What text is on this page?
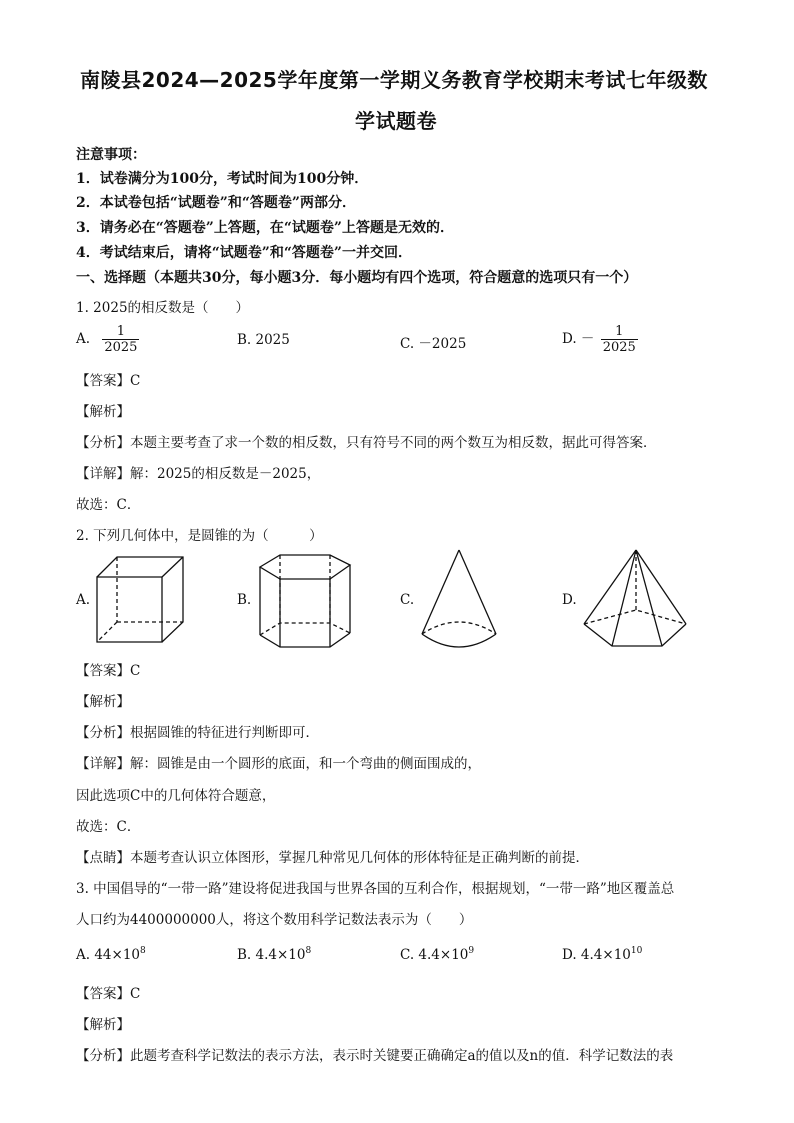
南陵县2024—2025学年度第一学期义务教育学校期末考试七年级数
学试题卷
注意事项：
1．试卷满分为100分，考试时间为100分钟．
2．本试卷包括“试题卷”和“答题卷”两部分．
3．请务必在“答题卷”上答题，在“试题卷”上答题是无效的．
4．考试结束后，请将“试题卷”和“答题卷”一并交回．
一、选择题（本题共30分，每小题3分．每小题均有四个选项，符合题意的选项只有一个）
1. 2025的相反数是（　　）
A. $\frac{1}{2025}$	B. 2025	C. －2025	D. － $\frac{1}{2025}$
【答案】C
【解析】
【分析】本题主要考查了求一个数的相反数，只有符号不同的两个数互为相反数，据此可得答案．
【详解】解：2025的相反数是－2025，
故选：C．
2. 下列几何体中，是圆锥的为（　　　）
A.	B.	C.	D.
【答案】C
【解析】
【分析】根据圆锥的特征进行判断即可．
【详解】解：圆锥是由一个圆形的底面，和一个弯曲的侧面围成的，
因此选项C中的几何体符合题意，
故选：C．
【点睛】本题考查认识立体图形，掌握几种常见几何体的形体特征是正确判断的前提．
3. 中国倡导的“一带一路”建设将促进我国与世界各国的互利合作，根据规划，“一带一路”地区覆盖总
人口约为4400000000人，将这个数用科学记数法表示为（　　）
A. $44\times 10^8$	B. $4.4\times 10^8$	C. $4.4\times 10^9$	D. $4.4\times 10^{10}$
【答案】C
【解析】
【分析】此题考查科学记数法的表示方法，表示时关键要正确确定a的值以及n的值．科学记数法的表
